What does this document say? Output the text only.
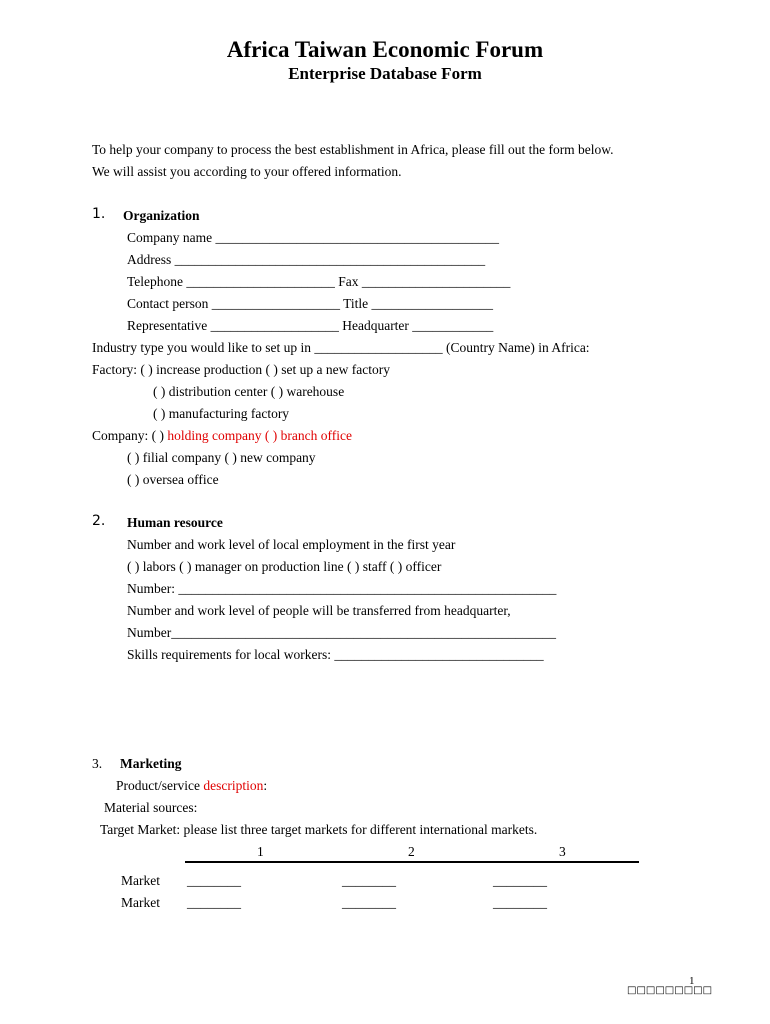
Africa Taiwan Economic Forum
Enterprise Database Form
To help your company to process the best establishment in Africa, please fill out the form below.
We will assist you according to your offered information.
1. Organization
Company name __________________________________________
Address ______________________________________________
Telephone ______________________ Fax ______________________
Contact person ___________________ Title __________________
Representative ___________________ Headquarter ____________
Industry type you would like to set up in ___________________ (Country Name) in Africa:
Factory: ( ) increase production ( ) set up a new factory
( ) distribution center ( ) warehouse
( ) manufacturing factory
Company: ( ) holding company ( ) branch office
( ) filial company ( ) new company
( ) oversea office
2. Human resource
Number and work level of local employment in the first year
( ) labors ( ) manager on production line ( ) staff ( ) officer
Number: ________________________________________________________
Number and work level of people will be transferred from headquarter,
Number_________________________________________________________
Skills requirements for local workers: _______________________________
3. Marketing
Product/service description:
Material sources:
Target Market: please list three target markets for different international markets.
1	2	3
Market ________	________	________
Market ________	________	________
1
□□□□□□□□□
